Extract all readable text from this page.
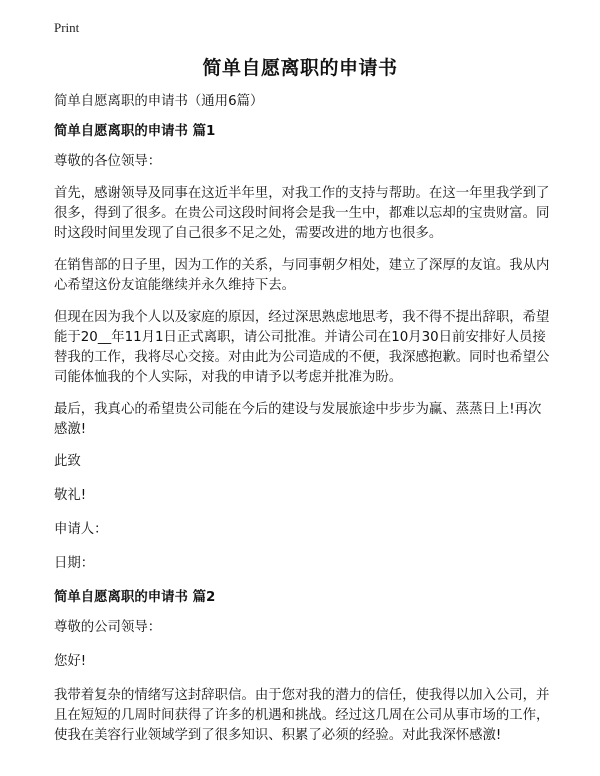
Print
简单自愿离职的申请书

简单自愿离职的申请书（通用6篇）

简单自愿离职的申请书 篇1

尊敬的各位领导：

首先，感谢领导及同事在这近半年里，对我工作的支持与帮助。在这一年里我学到了很多，得到了很多。在贵公司这段时间将会是我一生中，都难以忘却的宝贵财富。同时这段时间里发现了自己很多不足之处，需要改进的地方也很多。

在销售部的日子里，因为工作的关系，与同事朝夕相处，建立了深厚的友谊。我从内心希望这份友谊能继续并永久维持下去。

但现在因为我个人以及家庭的原因，经过深思熟虑地思考，我不得不提出辞职，希望能于20__年11月1日正式离职，请公司批准。并请公司在10月30日前安排好人员接替我的工作，我将尽心交接。对由此为公司造成的不便，我深感抱歉。同时也希望公司能体恤我的个人实际，对我的申请予以考虑并批准为盼。

最后，我真心的希望贵公司能在今后的建设与发展旅途中步步为赢、蒸蒸日上!再次感激!

此致

敬礼!

申请人：

日期：

简单自愿离职的申请书 篇2

尊敬的公司领导：

您好!

我带着复杂的情绪写这封辞职信。由于您对我的潜力的信任，使我得以加入公司，并且在短短的几周时间获得了许多的机遇和挑战。经过这几周在公司从事市场的工作，使我在美容行业领域学到了很多知识、积累了必须的经验。对此我深怀感激!
